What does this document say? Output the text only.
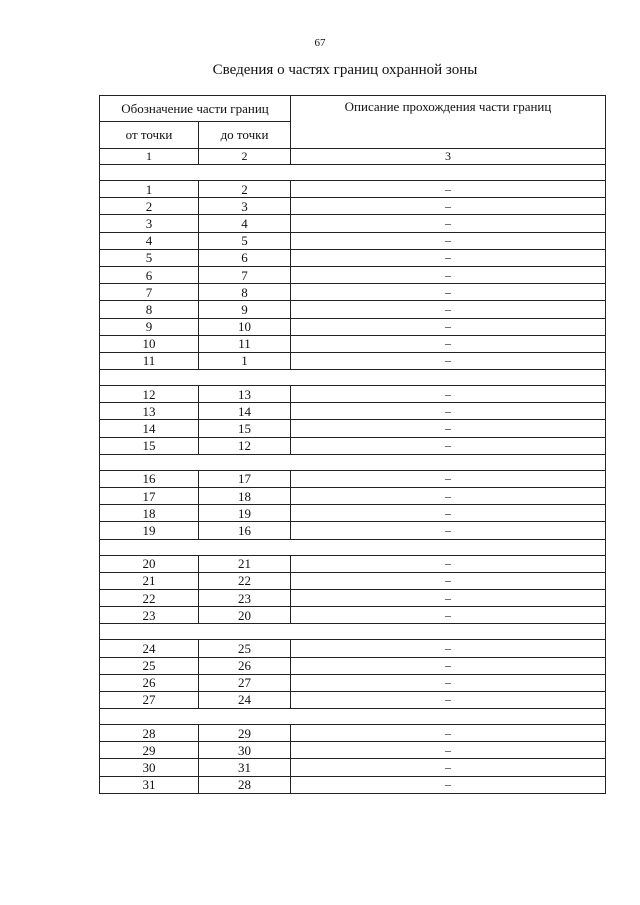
67
Сведения о частях границ охранной зоны
Обозначение части границ		Описание прохождения части границ
от точки	до точки	
1	2	3

1	2	–
2	3	–
3	4	–
4	5	–
5	6	–
6	7	–
7	8	–
8	9	–
9	10	–
10	11	–
11	1	–

12	13	–
13	14	–
14	15	–
15	12	–

16	17	–
17	18	–
18	19	–
19	16	–

20	21	–
21	22	–
22	23	–
23	20	–

24	25	–
25	26	–
26	27	–
27	24	–

28	29	–
29	30	–
30	31	–
31	28	–
